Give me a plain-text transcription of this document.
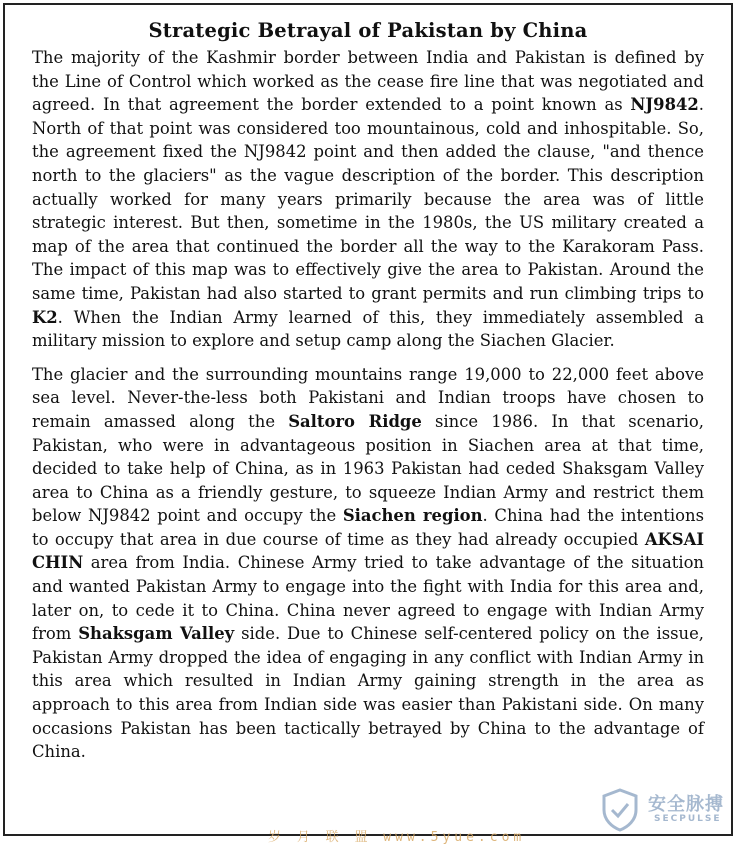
Strategic Betrayal of Pakistan by China

The majority of the Kashmir border between India and Pakistan is defined by the Line of Control which worked as the cease fire line that was negotiated and agreed. In that agreement the border extended to a point known as NJ9842. North of that point was considered too mountainous, cold and inhospitable. So, the agreement fixed the NJ9842 point and then added the clause, "and thence north to the glaciers" as the vague description of the border. This description actually worked for many years primarily because the area was of little strategic interest. But then, sometime in the 1980s, the US military created a map of the area that continued the border all the way to the Karakoram Pass. The impact of this map was to effectively give the area to Pakistan. Around the same time, Pakistan had also started to grant permits and run climbing trips to K2. When the Indian Army learned of this, they immediately assembled a military mission to explore and setup camp along the Siachen Glacier.

The glacier and the surrounding mountains range 19,000 to 22,000 feet above sea level. Never-the-less both Pakistani and Indian troops have chosen to remain amassed along the Saltoro Ridge since 1986. In that scenario, Pakistan, who were in advantageous position in Siachen area at that time, decided to take help of China, as in 1963 Pakistan had ceded Shaksgam Valley area to China as a friendly gesture, to squeeze Indian Army and restrict them below NJ9842 point and occupy the Siachen region. China had the intentions to occupy that area in due course of time as they had already occupied AKSAI CHIN area from India. Chinese Army tried to take advantage of the situation and wanted Pakistan Army to engage into the fight with India for this area and, later on, to cede it to China. China never agreed to engage with Indian Army from Shaksgam Valley side. Due to Chinese self-centered policy on the issue, Pakistan Army dropped the idea of engaging in any conflict with Indian Army in this area which resulted in Indian Army gaining strength in the area as approach to this area from Indian side was easier than Pakistani side. On many occasions Pakistan has been tactically betrayed by China to the advantage of China.

安全脉搏
SECPULSE
岁 月 联 盟 www.5yue.com
